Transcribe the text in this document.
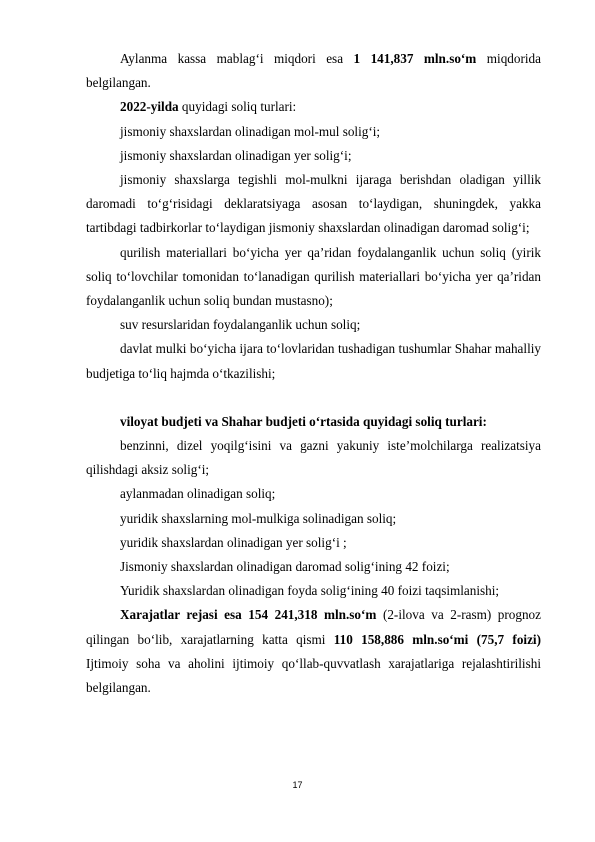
Aylanma kassa mablag‘i miqdori esa 1 141,837 mln.so‘m miqdorida belgilangan.

2022-yilda quyidagi soliq turlari:

jismoniy shaxslardan olinadigan mol-mul solig‘i;

jismoniy shaxslardan olinadigan yer solig‘i;

jismoniy shaxslarga tegishli mol-mulkni ijaraga berishdan oladigan yillik daromadi to‘g‘risidagi deklaratsiyaga asosan to‘laydigan, shuningdek, yakka tartibdagi tadbirkorlar to‘laydigan jismoniy shaxslardan olinadigan daromad solig‘i;

qurilish materiallari bo‘yicha yer qa’ridan foydalanganlik uchun soliq (yirik soliq to‘lovchilar tomonidan to‘lanadigan qurilish materiallari bo‘yicha yer qa’ridan foydalanganlik uchun soliq bundan mustasno);

suv resurslaridan foydalanganlik uchun soliq;

davlat mulki bo‘yicha ijara to‘lovlaridan tushadigan tushumlar Shahar mahalliy budjetiga to‘liq hajmda o‘tkazilishi;

viloyat budjeti va Shahar budjeti o‘rtasida quyidagi soliq turlari:

benzinni, dizel yoqilg‘isini va gazni yakuniy iste’molchilarga realizatsiya qilishdagi aksiz solig‘i;

aylanmadan olinadigan soliq;

yuridik shaxslarning mol-mulkiga solinadigan soliq;

yuridik shaxslardan olinadigan yer solig‘i ;

Jismoniy shaxslardan olinadigan daromad solig‘ining 42 foizi;

Yuridik shaxslardan olinadigan foyda solig‘ining 40 foizi taqsimlanishi;

Xarajatlar rejasi esa 154 241,318 mln.so‘m (2-ilova va 2-rasm) prognoz qilingan bo‘lib, xarajatlarning katta qismi 110 158,886 mln.so‘mi (75,7 foizi) Ijtimoiy soha va aholini ijtimoiy qo‘llab-quvvatlash xarajatlariga rejalashtirilishi belgilangan.

17
